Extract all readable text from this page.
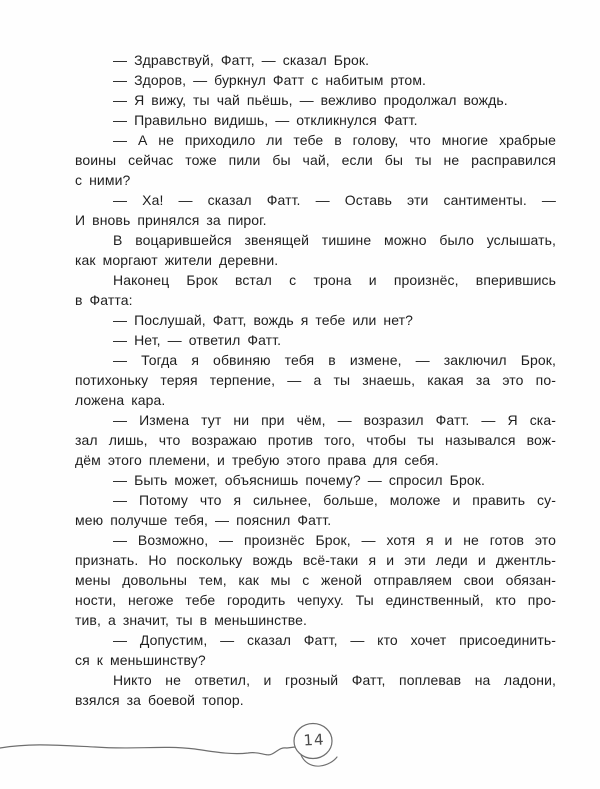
— Здравствуй, Фатт, — сказал Брок.
— Здоров, — буркнул Фатт с набитым ртом.
— Я вижу, ты чай пьёшь, — вежливо продолжал вождь.
— Правильно видишь, — откликнулся Фатт.
— А не приходило ли тебе в голову, что многие храбрые
воины сейчас тоже пили бы чай, если бы ты не расправился
с ними?
— Ха! — сказал Фатт. — Оставь эти сантименты. —
И вновь принялся за пирог.
В воцарившейся звенящей тишине можно было услышать,
как моргают жители деревни.
Наконец Брок встал с трона и произнёс, вперившись
в Фатта:
— Послушай, Фатт, вождь я тебе или нет?
— Нет, — ответил Фатт.
— Тогда я обвиняю тебя в измене, — заключил Брок,
потихоньку теряя терпение, — а ты знаешь, какая за это по-
ложена кара.
— Измена тут ни при чём, — возразил Фатт. — Я ска-
зал лишь, что возражаю против того, чтобы ты назывался вож-
дём этого племени, и требую этого права для себя.
— Быть может, объяснишь почему? — спросил Брок.
— Потому что я сильнее, больше, моложе и править су-
мею получше тебя, — пояснил Фатт.
— Возможно, — произнёс Брок, — хотя я и не готов это
признать. Но поскольку вождь всё-таки я и эти леди и джентль-
мены довольны тем, как мы с женой отправляем свои обязан-
ности, негоже тебе городить чепуху. Ты единственный, кто про-
тив, а значит, ты в меньшинстве.
— Допустим, — сказал Фатт, — кто хочет присоединить-
ся к меньшинству?
Никто не ответил, и грозный Фатт, поплевав на ладони,
взялся за боевой топор.
14
